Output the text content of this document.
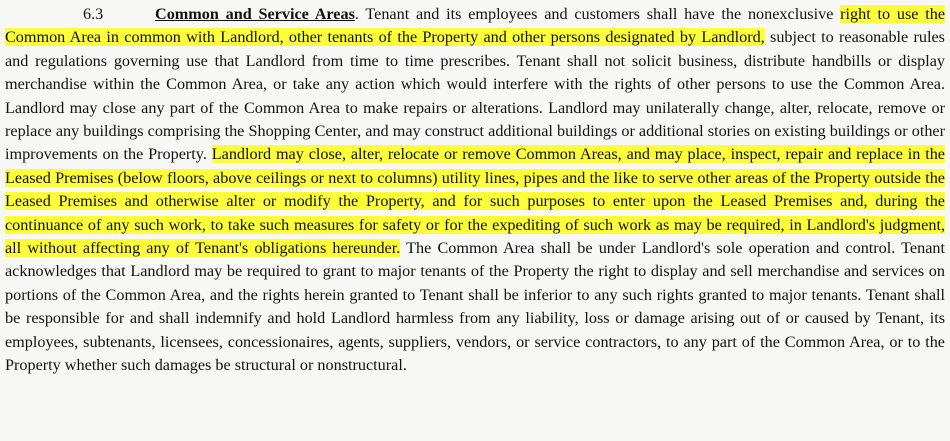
6.3	Common and Service Areas. Tenant and its employees and customers shall have the nonexclusive right to use the Common Area in common with Landlord, other tenants of the Property and other persons designated by Landlord, subject to reasonable rules and regulations governing use that Landlord from time to time prescribes. Tenant shall not solicit business, distribute handbills or display merchandise within the Common Area, or take any action which would interfere with the rights of other persons to use the Common Area. Landlord may close any part of the Common Area to make repairs or alterations. Landlord may unilaterally change, alter, relocate, remove or replace any buildings comprising the Shopping Center, and may construct additional buildings or additional stories on existing buildings or other improvements on the Property. Landlord may close, alter, relocate or remove Common Areas, and may place, inspect, repair and replace in the Leased Premises (below floors, above ceilings or next to columns) utility lines, pipes and the like to serve other areas of the Property outside the Leased Premises and otherwise alter or modify the Property, and for such purposes to enter upon the Leased Premises and, during the continuance of any such work, to take such measures for safety or for the expediting of such work as may be required, in Landlord's judgment, all without affecting any of Tenant's obligations hereunder. The Common Area shall be under Landlord's sole operation and control. Tenant acknowledges that Landlord may be required to grant to major tenants of the Property the right to display and sell merchandise and services on portions of the Common Area, and the rights herein granted to Tenant shall be inferior to any such rights granted to major tenants. Tenant shall be responsible for and shall indemnify and hold Landlord harmless from any liability, loss or damage arising out of or caused by Tenant, its employees, subtenants, licensees, concessionaires, agents, suppliers, vendors, or service contractors, to any part of the Common Area, or to the Property whether such damages be structural or nonstructural.
